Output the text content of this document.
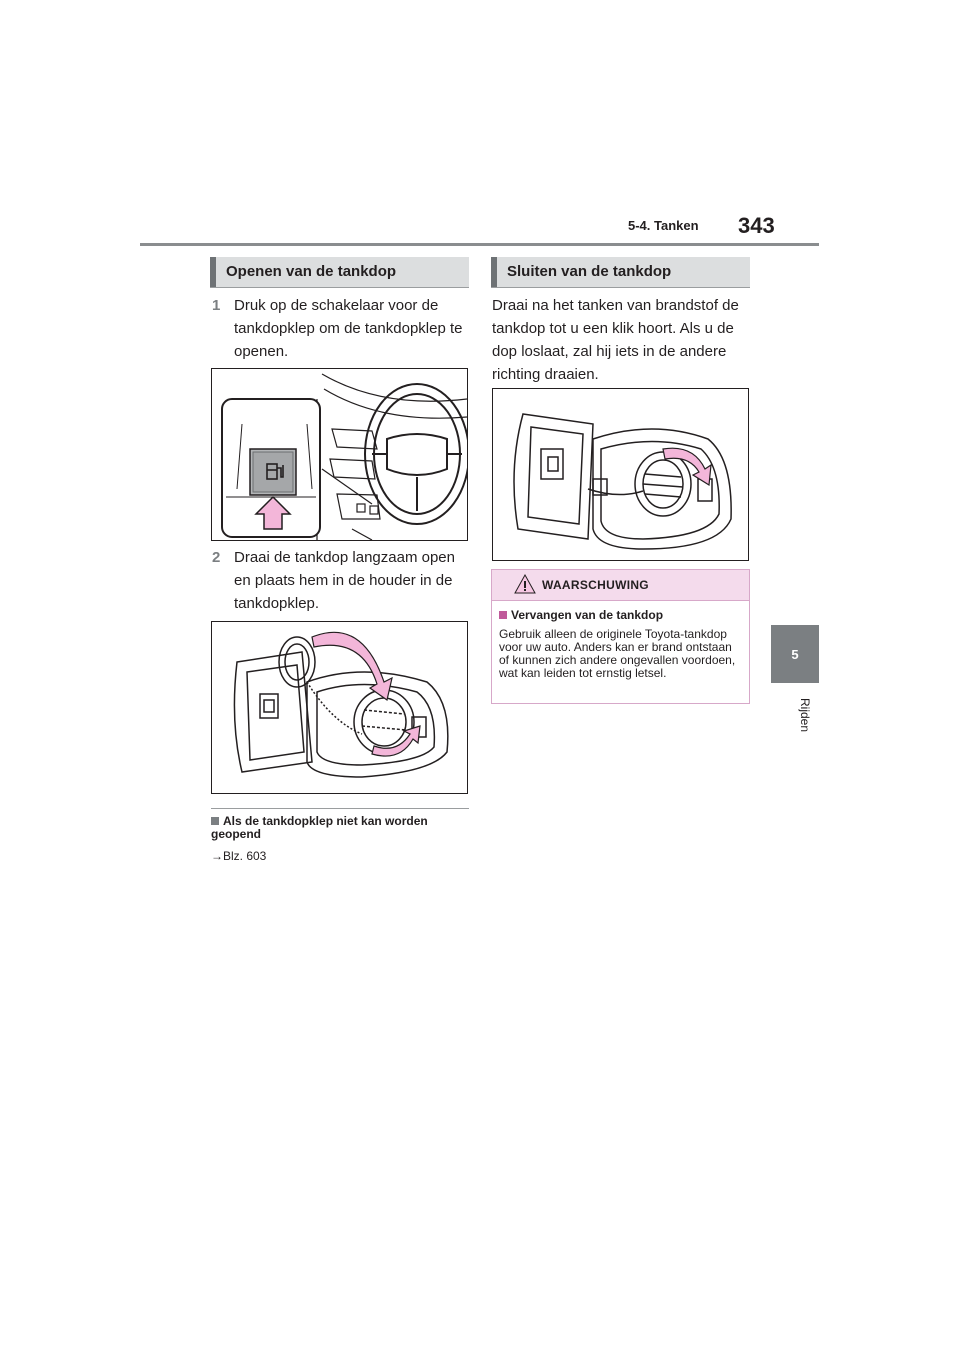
5-4. Tanken 343
5
Rijden
Openen van de tankdop
1 Druk op de schakelaar voor de tankdopklep om de tankdopklep te openen.
2 Draai de tankdop langzaam open en plaats hem in de houder in de tankdopklep.
Als de tankdopklep niet kan worden geopend
→Blz. 603
Sluiten van de tankdop
Draai na het tanken van brandstof de tankdop tot u een klik hoort. Als u de dop loslaat, zal hij iets in de andere richting draaien.
WAARSCHUWING
Vervangen van de tankdop
Gebruik alleen de originele Toyota-tankdop voor uw auto. Anders kan er brand ontstaan of kunnen zich andere ongevallen voordoen, wat kan leiden tot ernstig letsel.
